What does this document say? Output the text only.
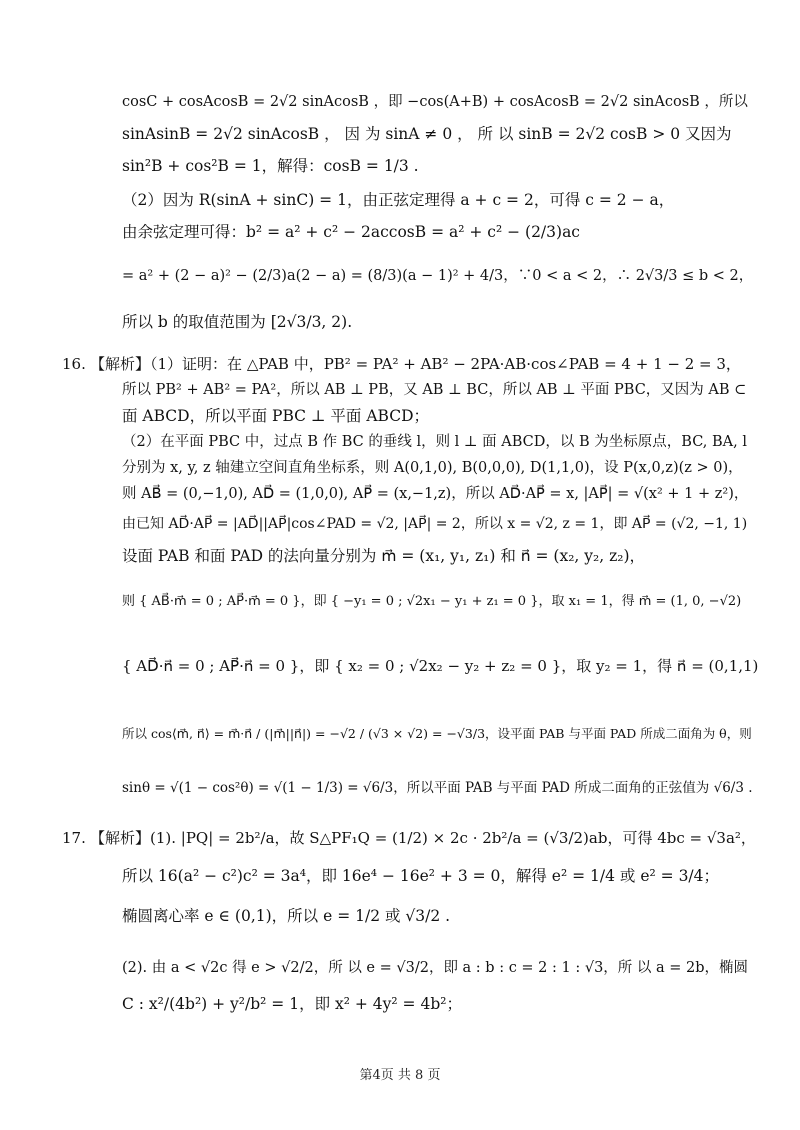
cosC + cosAcosB = 2√2 sinAcosB ，即 −cos(A+B) + cosAcosB = 2√2 sinAcosB ，所以
sinAsinB = 2√2 sinAcosB ， 因 为 sinA ≠ 0 ， 所 以 sinB = 2√2 cosB > 0 又因为
sin²B + cos²B = 1，解得：cosB = 1/3 .
（2）因为 R(sinA + sinC) = 1，由正弦定理得 a + c = 2，可得 c = 2 − a，
由余弦定理可得：b² = a² + c² − 2accosB = a² + c² − (2/3)ac
= a² + (2 − a)² − (2/3)a(2 − a) = (8/3)(a − 1)² + 4/3，∵0 < a < 2，∴ 2√3/3 ≤ b < 2，
所以 b 的取值范围为 [2√3/3, 2).
16. 【解析】（1）证明：在 △PAB 中，PB² = PA² + AB² − 2PA·AB·cos∠PAB = 4 + 1 − 2 = 3，
所以 PB² + AB² = PA²，所以 AB ⊥ PB，又 AB ⊥ BC，所以 AB ⊥ 平面 PBC，又因为 AB ⊂
面 ABCD，所以平面 PBC ⊥ 平面 ABCD；
（2）在平面 PBC 中，过点 B 作 BC 的垂线 l，则 l ⊥ 面 ABCD，以 B 为坐标原点，BC, BA, l
分别为 x, y, z 轴建立空间直角坐标系，则 A(0,1,0), B(0,0,0), D(1,1,0)，设 P(x,0,z)(z > 0)，
则 AB⃗ = (0,−1,0), AD⃗ = (1,0,0), AP⃗ = (x,−1,z)，所以 AD⃗·AP⃗ = x, |AP⃗| = √(x² + 1 + z²)，
由已知 AD⃗·AP⃗ = |AD⃗||AP⃗|cos∠PAD = √2, |AP⃗| = 2，所以 x = √2, z = 1，即 AP⃗ = (√2, −1, 1)
设面 PAB 和面 PAD 的法向量分别为 m⃗ = (x₁, y₁, z₁) 和 n⃗ = (x₂, y₂, z₂)，
则 { AB⃗·m⃗ = 0 ; AP⃗·m⃗ = 0 }，即 { −y₁ = 0 ; √2x₁ − y₁ + z₁ = 0 }，取 x₁ = 1，得 m⃗ = (1, 0, −√2)
{ AD⃗·n⃗ = 0 ; AP⃗·n⃗ = 0 }，即 { x₂ = 0 ; √2x₂ − y₂ + z₂ = 0 }，取 y₂ = 1，得 n⃗ = (0,1,1)
所以 cos⟨m⃗, n⃗⟩ = m⃗·n⃗ / (|m⃗||n⃗|) = −√2 / (√3 × √2) = −√3/3，设平面 PAB 与平面 PAD 所成二面角为 θ，则
sinθ = √(1 − cos²θ) = √(1 − 1/3) = √6/3，所以平面 PAB 与平面 PAD 所成二面角的正弦值为 √6/3 .
17. 【解析】(1). |PQ| = 2b²/a，故 S△PF₁Q = (1/2) × 2c · 2b²/a = (√3/2)ab，可得 4bc = √3a²，
所以 16(a² − c²)c² = 3a⁴，即 16e⁴ − 16e² + 3 = 0，解得 e² = 1/4 或 e² = 3/4；
椭圆离心率 e ∈ (0,1)，所以 e = 1/2 或 √3/2 .
(2). 由 a < √2c 得 e > √2/2，所 以 e = √3/2，即 a : b : c = 2 : 1 : √3，所 以 a = 2b，椭圆
C : x²/(4b²) + y²/b² = 1，即 x² + 4y² = 4b²；
第4页 共 8 页
